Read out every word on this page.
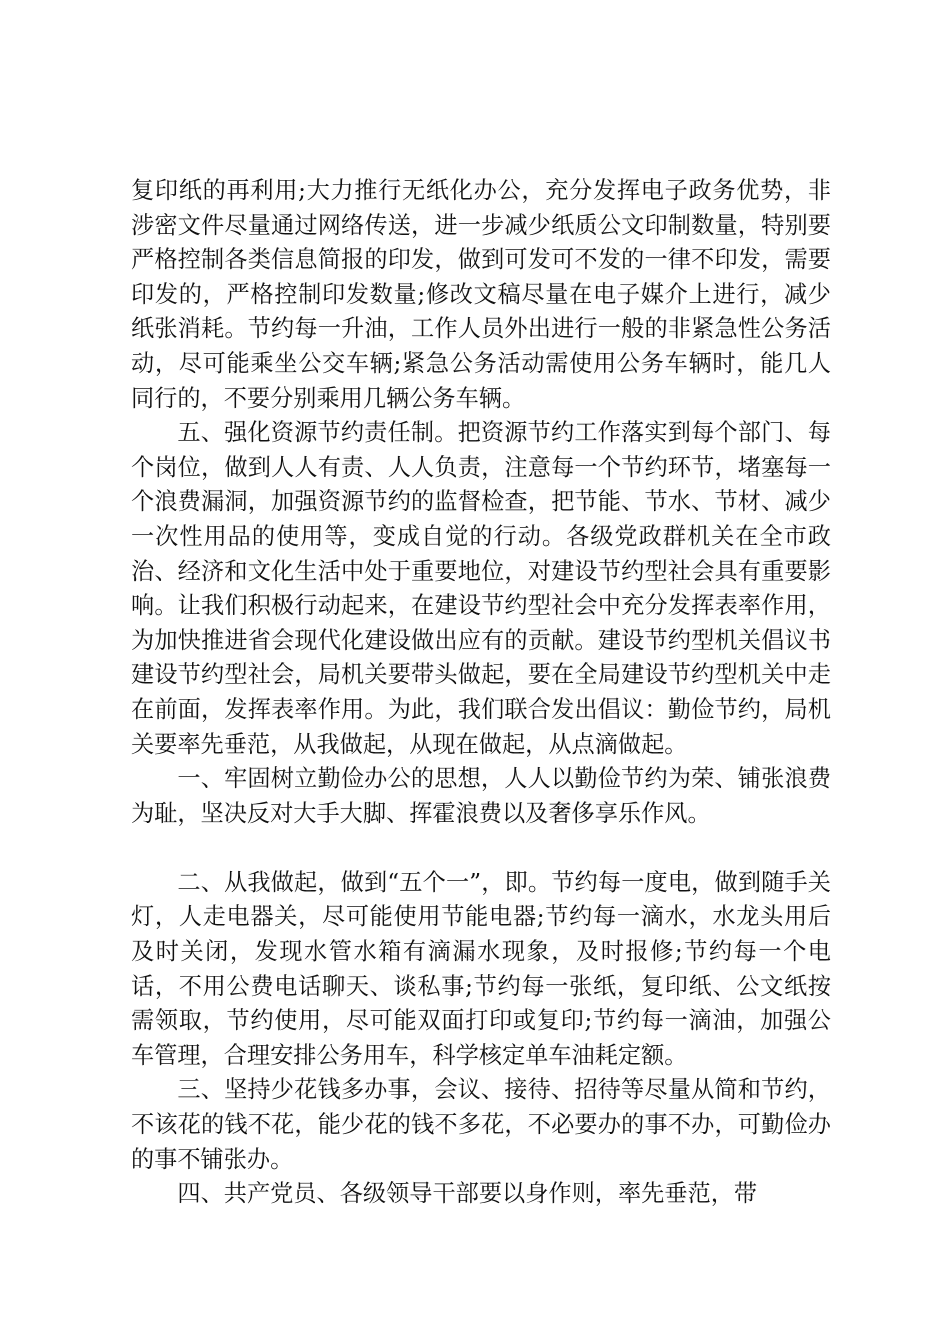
复印纸的再利用;大力推行无纸化办公，充分发挥电子政务优势，非涉密文件尽量通过网络传送，进一步减少纸质公文印制数量，特别要严格控制各类信息简报的印发，做到可发可不发的一律不印发，需要印发的，严格控制印发数量;修改文稿尽量在电子媒介上进行，减少纸张消耗。节约每一升油，工作人员外出进行一般的非紧急性公务活动，尽可能乘坐公交车辆;紧急公务活动需使用公务车辆时，能几人同行的，不要分别乘用几辆公务车辆。

五、强化资源节约责任制。把资源节约工作落实到每个部门、每个岗位，做到人人有责、人人负责，注意每一个节约环节，堵塞每一个浪费漏洞，加强资源节约的监督检查，把节能、节水、节材、减少一次性用品的使用等，变成自觉的行动。各级党政群机关在全市政治、经济和文化生活中处于重要地位，对建设节约型社会具有重要影响。让我们积极行动起来，在建设节约型社会中充分发挥表率作用，为加快推进省会现代化建设做出应有的贡献。建设节约型机关倡议书建设节约型社会，局机关要带头做起，要在全局建设节约型机关中走在前面，发挥表率作用。为此，我们联合发出倡议：勤俭节约，局机关要率先垂范，从我做起，从现在做起，从点滴做起。

一、牢固树立勤俭办公的思想，人人以勤俭节约为荣、铺张浪费为耻，坚决反对大手大脚、挥霍浪费以及奢侈享乐作风。

二、从我做起，做到“五个一”，即。节约每一度电，做到随手关灯，人走电器关，尽可能使用节能电器;节约每一滴水，水龙头用后及时关闭，发现水管水箱有滴漏水现象，及时报修;节约每一个电话，不用公费电话聊天、谈私事;节约每一张纸，复印纸、公文纸按需领取，节约使用，尽可能双面打印或复印;节约每一滴油，加强公车管理，合理安排公务用车，科学核定单车油耗定额。

三、坚持少花钱多办事，会议、接待、招待等尽量从简和节约，不该花的钱不花，能少花的钱不多花，不必要办的事不办，可勤俭办的事不铺张办。

四、共产党员、各级领导干部要以身作则，率先垂范，带
